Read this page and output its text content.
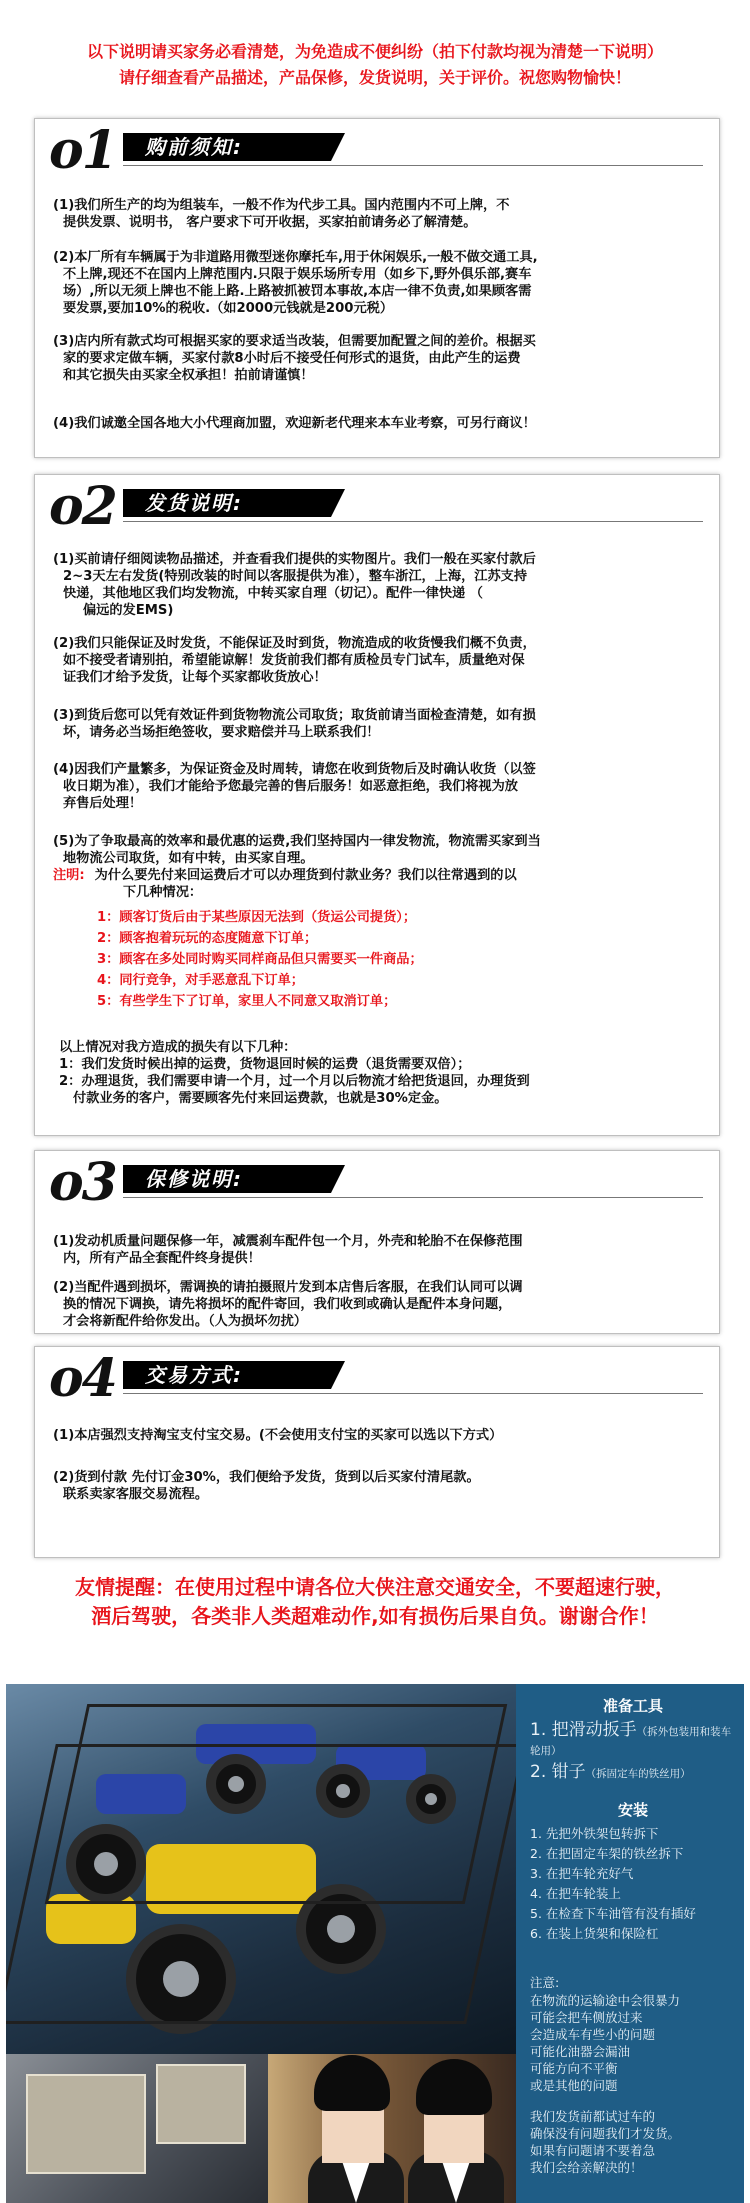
以下说明请买家务必看清楚，为免造成不便纠纷（拍下付款均视为清楚一下说明）
请仔细查看产品描述，产品保修，发货说明，关于评价。祝您购物愉快！
o1	购前须知:
(1)我们所生产的均为组装车，一般不作为代步工具。国内范围内不可上牌，不
提供发票、说明书， 客户要求下可开收据，买家拍前请务必了解清楚。
(2)本厂所有车辆属于为非道路用微型迷你摩托车,用于休闲娱乐,一般不做交通工具,
不上牌,现还不在国内上牌范围内.只限于娱乐场所专用（如乡下,野外俱乐部,赛车
场）,所以无须上牌也不能上路.上路被抓被罚本事故,本店一律不负责,如果顾客需
要发票,要加10%的税收.（如2000元钱就是200元税）
(3)店内所有款式均可根据买家的要求适当改装，但需要加配置之间的差价。根据买
家的要求定做车辆，买家付款8小时后不接受任何形式的退货，由此产生的运费
和其它损失由买家全权承担！拍前请谨慎！
(4)我们诚邀全国各地大小代理商加盟，欢迎新老代理来本车业考察，可另行商议！
o2	发货说明:
(1)买前请仔细阅读物品描述，并查看我们提供的实物图片。我们一般在买家付款后
2~3天左右发货(特别改装的时间以客服提供为准），整车浙江，上海，江苏支持
快递，其他地区我们均发物流，中转买家自理（切记）。配件一律快递 （
偏远的发EMS)
(2)我们只能保证及时发货，不能保证及时到货，物流造成的收货慢我们概不负责，
如不接受者请别拍，希望能谅解！发货前我们都有质检员专门试车，质量绝对保
证我们才给予发货，让每个买家都收货放心！
(3)到货后您可以凭有效证件到货物物流公司取货；取货前请当面检查清楚，如有损
坏，请务必当场拒绝签收，要求赔偿并马上联系我们！
(4)因我们产量繁多，为保证资金及时周转，请您在收到货物后及时确认收货（以签
收日期为准），我们才能给予您最完善的售后服务！如恶意拒绝，我们将视为放
弃售后处理！
(5)为了争取最高的效率和最优惠的运费,我们坚持国内一律发物流，物流需买家到当
地物流公司取货，如有中转，由买家自理。
注明: 为什么要先付来回运费后才可以办理货到付款业务？我们以往常遇到的以
下几种情况：
1：顾客订货后由于某些原因无法到（货运公司提货）；
2：顾客抱着玩玩的态度随意下订单；
3：顾客在多处同时购买同样商品但只需要买一件商品；
4：同行竞争，对手恶意乱下订单；
5：有些学生下了订单，家里人不同意又取消订单；
以上情况对我方造成的损失有以下几种：
1：我们发货时候出掉的运费，货物退回时候的运费（退货需要双倍）；
2：办理退货，我们需要申请一个月，过一个月以后物流才给把货退回，办理货到
付款业务的客户，需要顾客先付来回运费款，也就是30%定金。
o3	保修说明:
(1)发动机质量问题保修一年，减震刹车配件包一个月，外壳和轮胎不在保修范围
内，所有产品全套配件终身提供！
(2)当配件遇到损坏，需调换的请拍摄照片发到本店售后客服，在我们认同可以调
换的情况下调换，请先将损坏的配件寄回，我们收到或确认是配件本身问题，
才会将新配件给你发出。（人为损坏勿扰）
o4	交易方式:
(1)本店强烈支持淘宝支付宝交易。(不会使用支付宝的买家可以选以下方式）
(2)货到付款 先付订金30%，我们便给予发货，货到以后买家付清尾款。
联系卖家客服交易流程。
友情提醒：在使用过程中请各位大侠注意交通安全，不要超速行驶，
酒后驾驶，各类非人类超难动作,如有损伤后果自负。谢谢合作！
准备工具
1. 把滑动扳手（拆外包装用和装车轮用）
2. 钳子（拆固定车的铁丝用）
安装
1. 先把外铁架包转拆下
2. 在把固定车架的铁丝拆下
3. 在把车轮充好气
4. 在把车轮装上
5. 在检查下车油管有没有插好
6. 在装上货架和保险杠
注意:
在物流的运输途中会很暴力
可能会把车侧放过来
会造成车有些小的问题
可能化油器会漏油
可能方向不平衡
或是其他的问题
我们发货前都试过车的
确保没有问题我们才发货。
如果有问题请不要着急
我们会给亲解决的！
